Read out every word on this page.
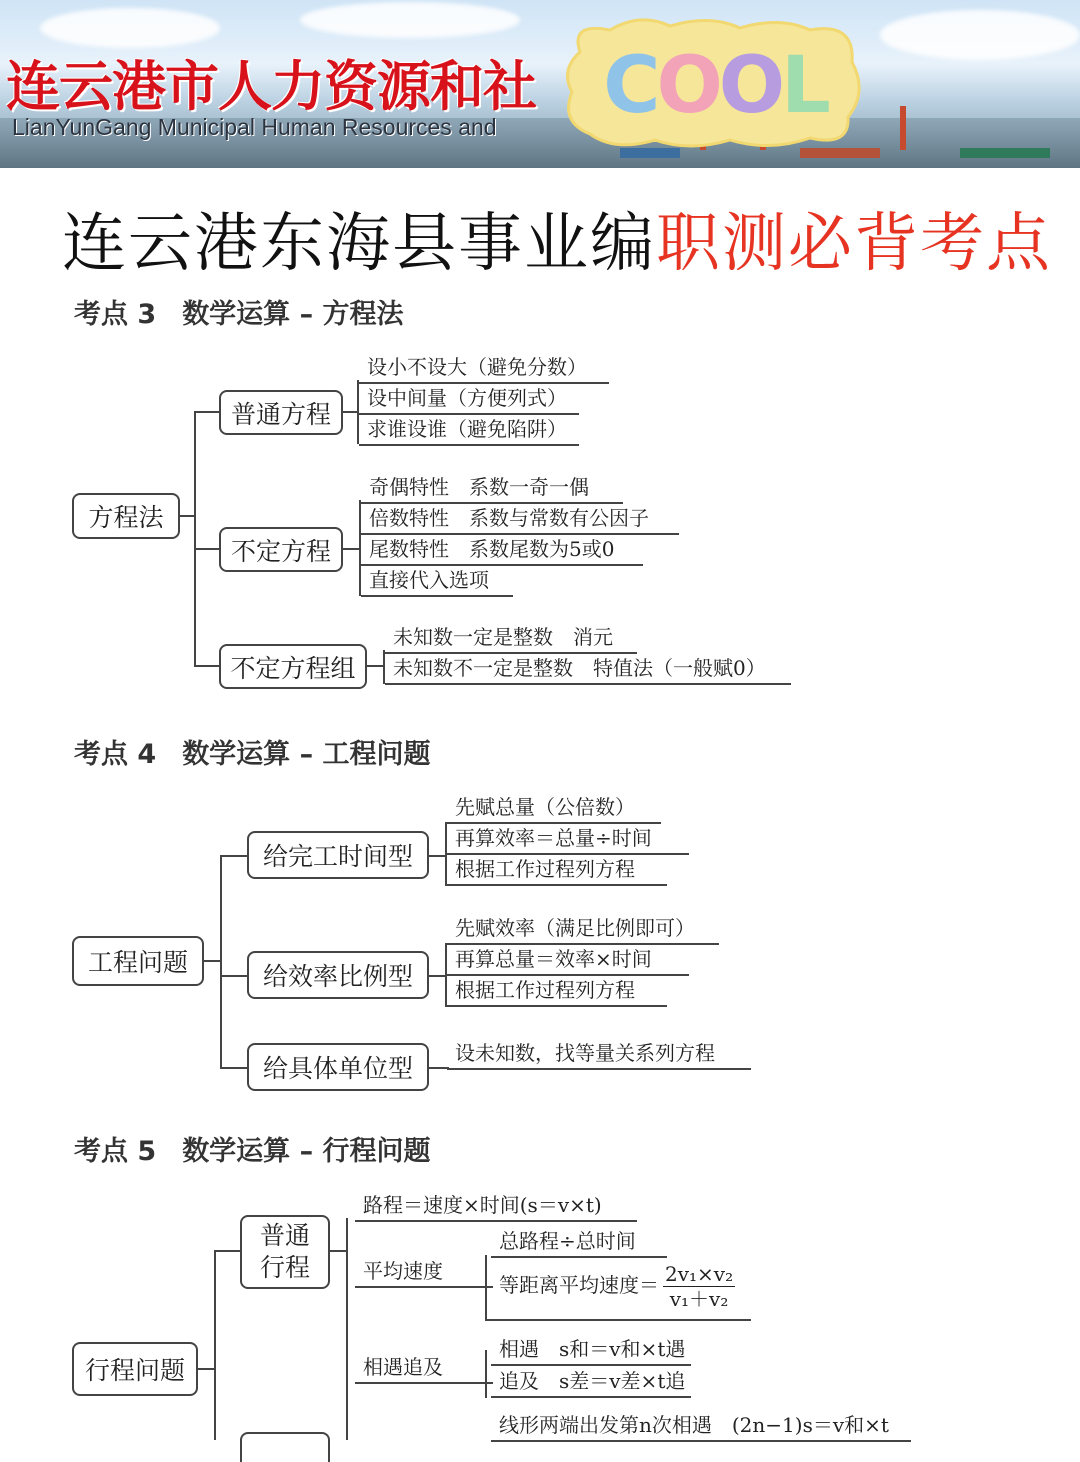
连云港市人力资源和社
LianYunGang Municipal Human Resources and COOL
连云港东海县事业编职测必背考点
考点 3 数学运算 – 方程法
方程法
普通方程
设小不设大（避免分数）
设中间量（方便列式）
求谁设谁（避免陷阱）
不定方程
奇偶特性　系数一奇一偶
倍数特性　系数与常数有公因子
尾数特性　系数尾数为5或0
直接代入选项
不定方程组
未知数一定是整数　消元
未知数不一定是整数　特值法（一般赋0）
考点 4 数学运算 – 工程问题
工程问题
给完工时间型
先赋总量（公倍数）
再算效率＝总量÷时间
根据工作过程列方程
给效率比例型
先赋效率（满足比例即可）
再算总量＝效率×时间
根据工作过程列方程
给具体单位型
设未知数，找等量关系列方程
考点 5 数学运算 – 行程问题
行程问题
普通
行程
路程＝速度×时间(s＝v×t)
平均速度
总路程÷总时间
等距离平均速度＝ $\frac{\text{2v₁×v₂}}{\text{v₁＋v₂}}$
相遇追及
相遇　 s和＝v和×t遇
追及　 s差＝v差×t追
线形两端出发第n次相遇　(2n−1)s＝v和×t
